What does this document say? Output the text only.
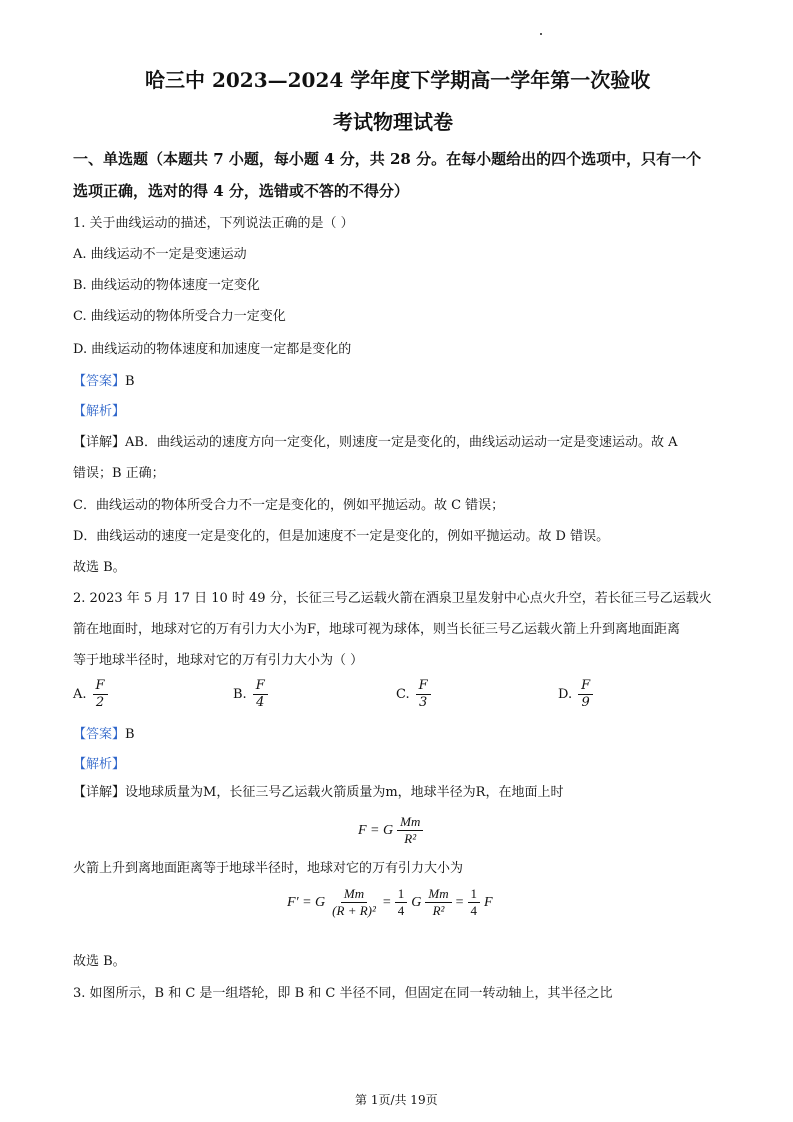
哈三中 2023—2024 学年度下学期高一学年第一次验收
考试物理试卷
一、单选题（本题共 7 小题，每小题 4 分，共 28 分。在每小题给出的四个选项中，只有一个
选项正确，选对的得 4 分，选错或不答的不得分）
1. 关于曲线运动的描述，下列说法正确的是（ ）
A. 曲线运动不一定是变速运动
B. 曲线运动的物体速度一定变化
C. 曲线运动的物体所受合力一定变化
D. 曲线运动的物体速度和加速度一定都是变化的
【答案】B
【解析】
【详解】AB．曲线运动的速度方向一定变化，则速度一定是变化的，曲线运动运动一定是变速运动。故 A
错误；B 正确；
C．曲线运动的物体所受合力不一定是变化的，例如平抛运动。故 C 错误；
D．曲线运动的速度一定是变化的，但是加速度不一定是变化的，例如平抛运动。故 D 错误。
故选 B。
2. 2023 年 5 月 17 日 10 时 49 分，长征三号乙运载火箭在酒泉卫星发射中心点火升空，若长征三号乙运载火
箭在地面时，地球对它的万有引力大小为F，地球可视为球体，则当长征三号乙运载火箭上升到离地面距离
等于地球半径时，地球对它的万有引力大小为（ ）
A. $\frac{F}{2}$	B. $\frac{F}{4}$	C. $\frac{F}{3}$	D. $\frac{F}{9}$
【答案】B
【解析】
【详解】设地球质量为M，长征三号乙运载火箭质量为m，地球半径为R，在地面上时
F = G $\frac{Mm}{\text{R²}}$
火箭上升到离地面距离等于地球半径时，地球对它的万有引力大小为
F′ = G $\frac{Mm}{\text{(R + R)²}} = \frac{1}{4}$ G $\frac{Mm}{\text{R²}} = \frac{1}{4}$ F
故选 B。
3. 如图所示，B 和 C 是一组塔轮，即 B 和 C 半径不同，但固定在同一转动轴上，其半径之比
第 1页/共 19页
